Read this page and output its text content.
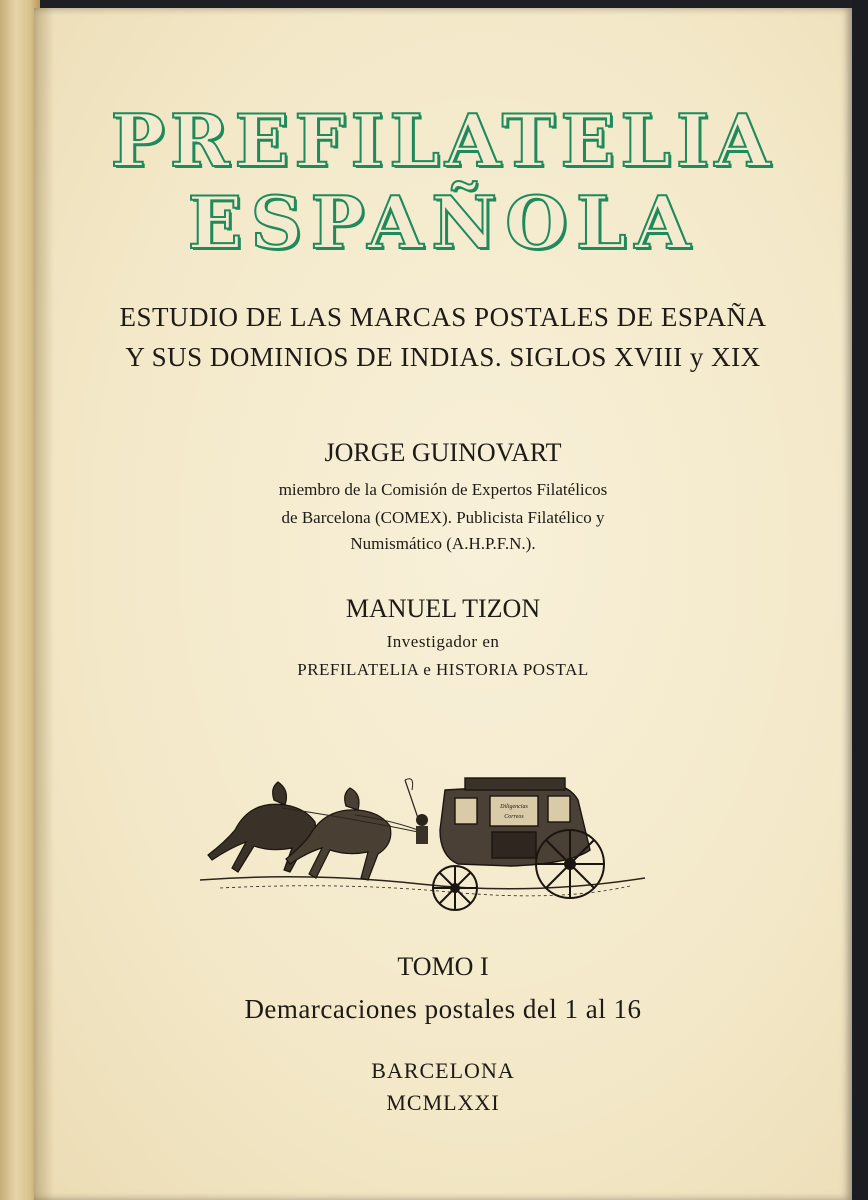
PREFILATELIA
ESPAÑOLA
ESTUDIO DE LAS MARCAS POSTALES DE ESPAÑA
Y SUS DOMINIOS DE INDIAS. SIGLOS XVIII y XIX
JORGE GUINOVART
miembro de la Comisión de Expertos Filatélicos
de Barcelona (COMEX). Publicista Filatélico y
Numismático (A.H.P.F.N.).
MANUEL TIZON
Investigador en
PREFILATELIA e HISTORIA POSTAL
Diligencias
Correos
TOMO I
Demarcaciones postales del 1 al 16
BARCELONA
MCMLXXI
